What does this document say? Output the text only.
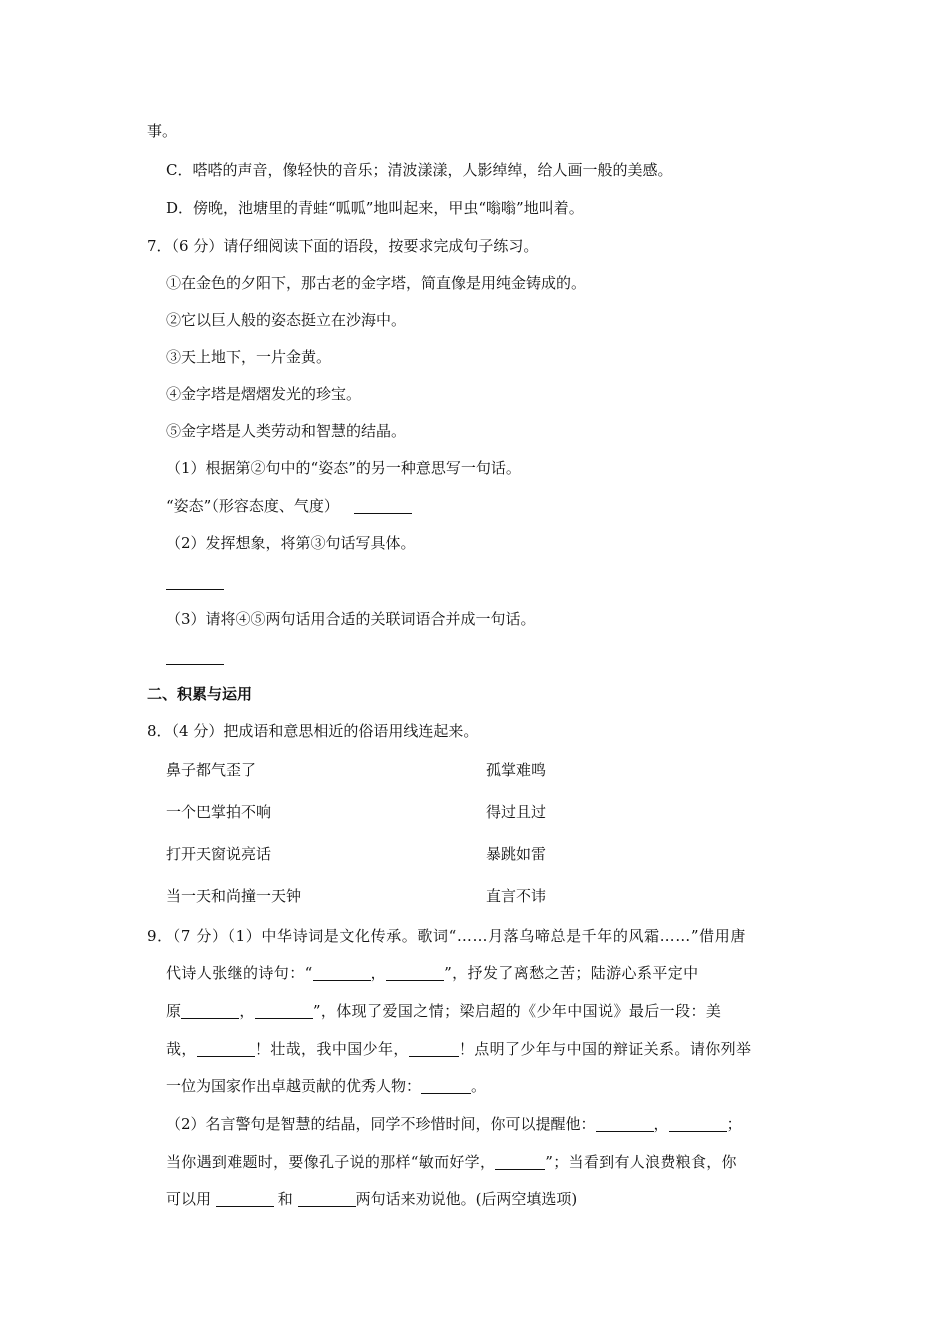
事。
C．嗒嗒的声音，像轻快的音乐；清波漾漾，人影绰绰，给人画一般的美感。
D．傍晚，池塘里的青蛙“呱呱”地叫起来，甲虫“嗡嗡”地叫着。
7．（6 分）请仔细阅读下面的语段，按要求完成句子练习。
①在金色的夕阳下，那古老的金字塔，简直像是用纯金铸成的。
②它以巨人般的姿态挺立在沙海中。
③天上地下，一片金黄。
④金字塔是熠熠发光的珍宝。
⑤金字塔是人类劳动和智慧的结晶。
（1）根据第②句中的“姿态”的另一种意思写一句话。
“姿态”（形容态度、气度）
（2）发挥想象，将第③句话写具体。
（3）请将④⑤两句话用合适的关联词语合并成一句话。
二、积累与运用
8．（4 分）把成语和意思相近的俗语用线连起来。
鼻子都气歪了	孤掌难鸣
一个巴掌拍不响	得过且过
打开天窗说亮话	暴跳如雷
当一天和尚撞一天钟	直言不讳
9．（7 分）（1）中华诗词是文化传承。歌词“……月落乌啼总是千年的风霜……”借用唐
代诗人张继的诗句：“	，	”，抒发了离愁之苦；陆游心系平定中
原	，	”，体现了爱国之情；梁启超的《少年中国说》最后一段：美
哉，	！壮哉，我中国少年，	！点明了少年与中国的辩证关系。请你列举
一位为国家作出卓越贡献的优秀人物：	。
（2）名言警句是智慧的结晶，同学不珍惜时间，你可以提醒他：	，	；
当你遇到难题时，要像孔子说的那样“敏而好学，	”；当看到有人浪费粮食，你
可以用	和	两句话来劝说他。(后两空填选项)
